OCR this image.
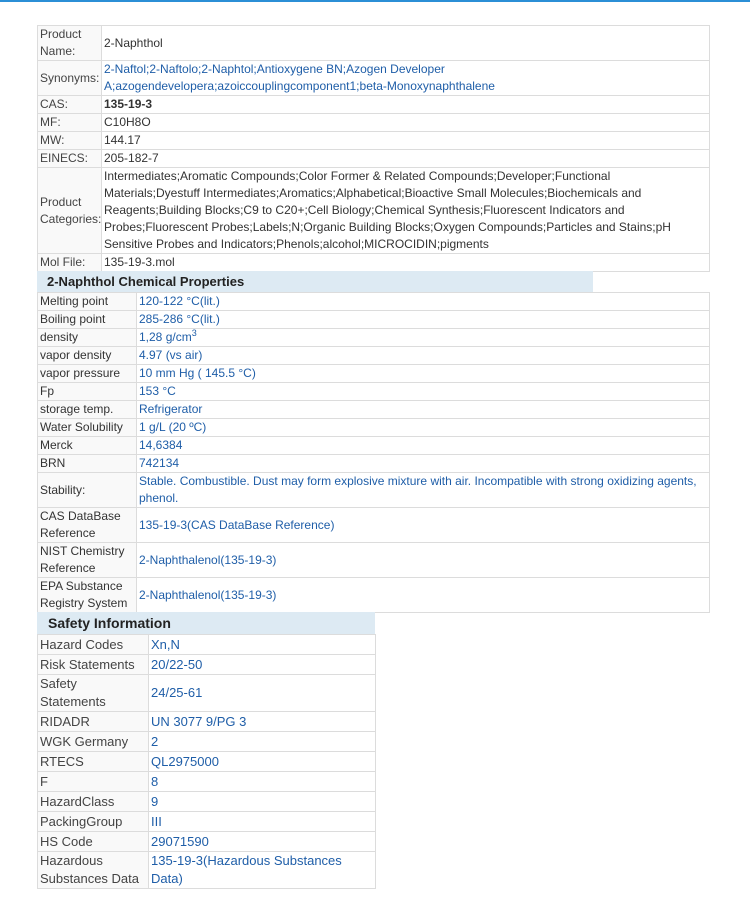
Product Name:	2-Naphthol
Synonyms:	2-Naftol;2-Naftolo;2-Naphtol;Antioxygene BN;Azogen Developer A;azogendevelopera;azoiccouplingcomponent1;beta-Monoxynaphthalene
CAS:	135-19-3
MF:	C10H8O
MW:	144.17
EINECS:	205-182-7
Product Categories:	Intermediates;Aromatic Compounds;Color Former & Related Compounds;Developer;Functional Materials;Dyestuff Intermediates;Aromatics;Alphabetical;Bioactive Small Molecules;Biochemicals and Reagents;Building Blocks;C9 to C20+;Cell Biology;Chemical Synthesis;Fluorescent Indicators and Probes;Fluorescent Probes;Labels;N;Organic Building Blocks;Oxygen Compounds;Particles and Stains;pH Sensitive Probes and Indicators;Phenols;alcohol;MICROCIDIN;pigments
Mol File:	135-19-3.mol
2-Naphthol Chemical Properties
Melting point	120-122 °C(lit.)
Boiling point	285-286 °C(lit.)
density	1,28 $g/cm^3$
vapor density	4.97 (vs air)
vapor pressure	10 mm Hg ( 145.5 °C)
Fp	153 °C
storage temp.	Refrigerator
Water Solubility	1 g/L (20 ºC)
Merck	14,6384
BRN	742134
Stability:	Stable. Combustible. Dust may form explosive mixture with air. Incompatible with strong oxidizing agents, phenol.
CAS DataBase Reference	135-19-3(CAS DataBase Reference)
NIST Chemistry Reference	2-Naphthalenol(135-19-3)
EPA Substance Registry System	2-Naphthalenol(135-19-3)
Safety Information
Hazard Codes	Xn,N
Risk Statements	20/22-50
Safety Statements	24/25-61
RIDADR	UN 3077 9/PG 3
WGK Germany	2
RTECS	QL2975000
F	8
HazardClass	9
PackingGroup	III
HS Code	29071590
Hazardous Substances Data	135-19-3(Hazardous Substances Data)
